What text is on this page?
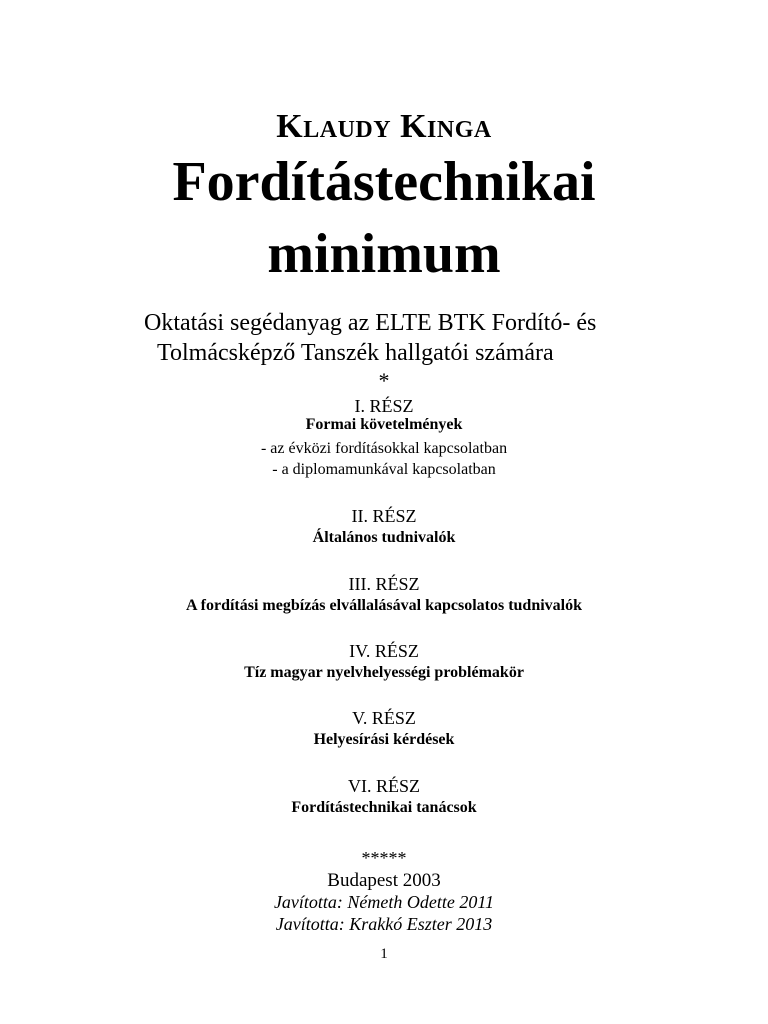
Klaudy Kinga
Fordítástechnikai
minimum
Oktatási segédanyag az ELTE BTK Fordító- és
Tolmácsképző Tanszék hallgatói számára
*
I. RÉSZ
Formai követelmények
- az évközi fordításokkal kapcsolatban
- a diplomamunkával kapcsolatban
II. RÉSZ
Általános tudnivalók
III. RÉSZ
A fordítási megbízás elvállalásával kapcsolatos tudnivalók
IV. RÉSZ
Tíz magyar nyelvhelyességi problémakör
V. RÉSZ
Helyesírási kérdések
VI. RÉSZ
Fordítástechnikai tanácsok
*****
Budapest 2003
Javította: Németh Odette 2011
Javította: Krakkó Eszter 2013
1
